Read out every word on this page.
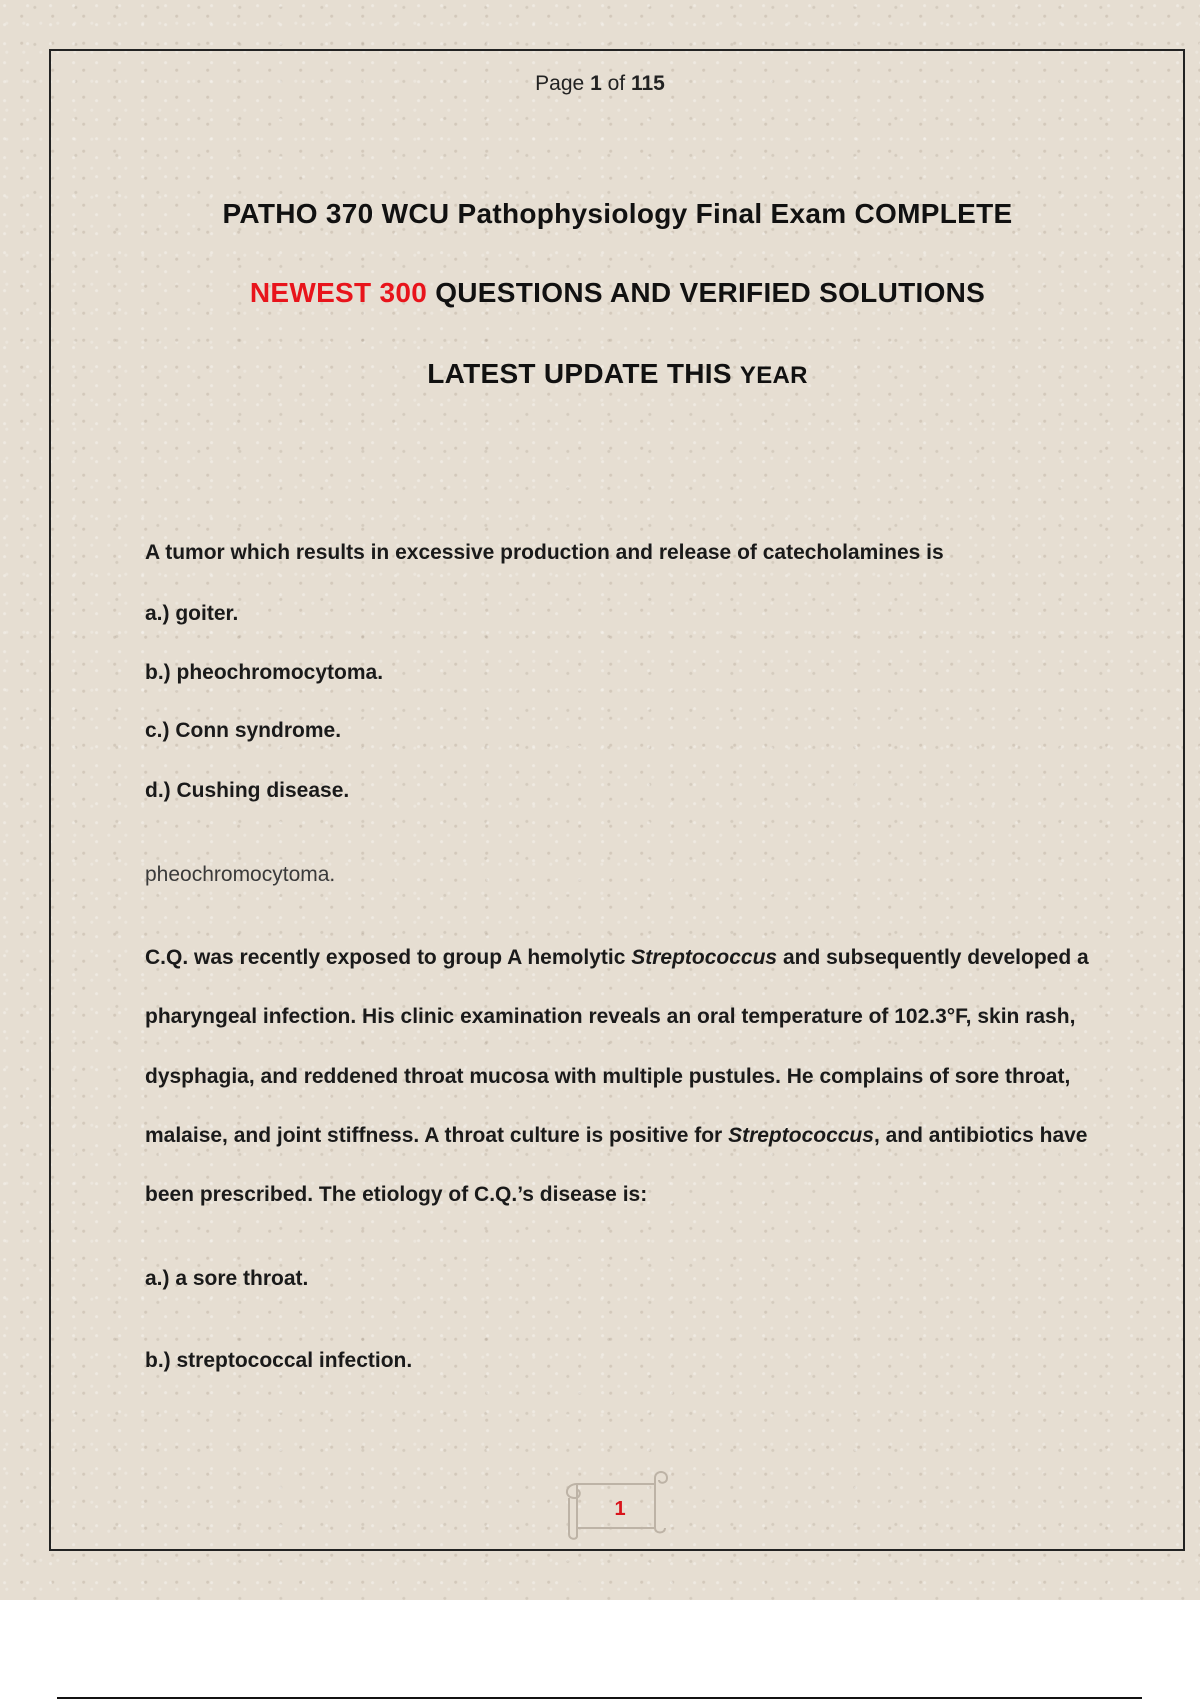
Page 1 of 115
PATHO 370 WCU Pathophysiology Final Exam COMPLETE
NEWEST 300 QUESTIONS AND VERIFIED SOLUTIONS
LATEST UPDATE THIS YEAR
A tumor which results in excessive production and release of catecholamines is
a.) goiter.
b.) pheochromocytoma.
c.) Conn syndrome.
d.) Cushing disease.
pheochromocytoma.
C.Q. was recently exposed to group A hemolytic Streptococcus and subsequently developed a
pharyngeal infection. His clinic examination reveals an oral temperature of 102.3°F, skin rash,
dysphagia, and reddened throat mucosa with multiple pustules. He complains of sore throat,
malaise, and joint stiffness. A throat culture is positive for Streptococcus, and antibiotics have
been prescribed. The etiology of C.Q.’s disease is:
a.) a sore throat.
b.) streptococcal infection.
1
